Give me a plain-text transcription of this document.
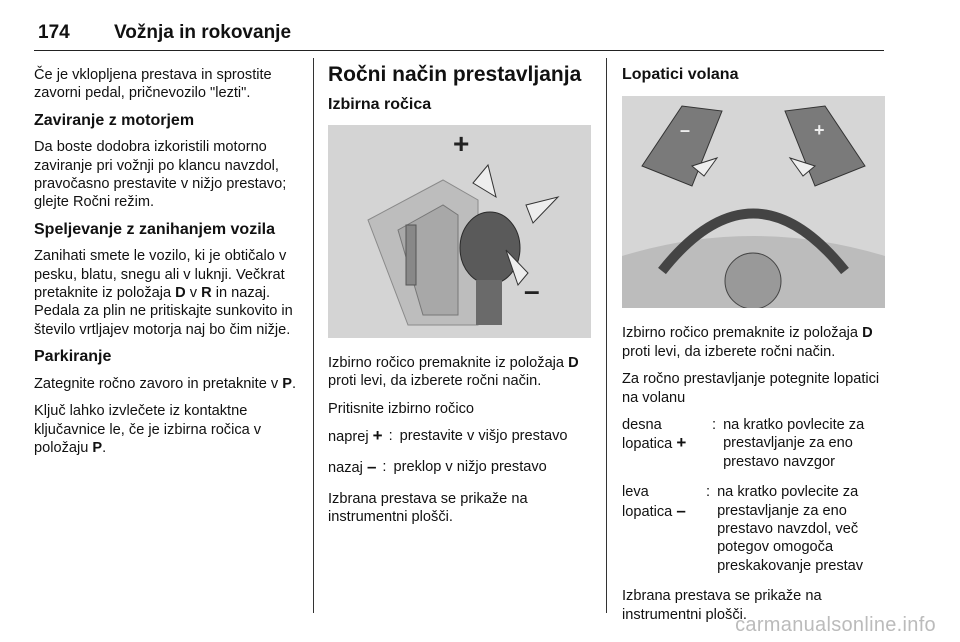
174 Vožnja in rokovanje

Če je vklopljena prestava in sprostite zavorni pedal, pričnevozilo "lezti".

Zaviranje z motorjem

Da boste dodobra izkoristili motorno zaviranje pri vožnji po klancu navzdol, pravočasno prestavite v nižjo prestavo; glejte Ročni režim.

Speljevanje z zanihanjem vozila

Zanihati smete le vozilo, ki je obtičalo v pesku, blatu, snegu ali v luknji. Večkrat pretaknite iz položaja D v R in nazaj. Pedala za plin ne pritiskajte sunkovito in število vrtljajev motorja naj bo čim nižje.

Parkiranje

Zategnite ročno zavoro in pretaknite v P.

Ključ lahko izvlečete iz kontaktne ključavnice le, če je izbirna ročica v položaju P.

Ročni način prestavljanja
Izbirna ročica
+
–

Izbirno ročico premaknite iz položaja D proti levi, da izberete ročni način.

Pritisnite izbirno ročico

naprej + : prestavite v višjo prestavo
nazaj – : preklop v nižjo prestavo

Izbrana prestava se prikaže na instrumentni plošči.

Lopatici volana
–	+

Izbirno ročico premaknite iz položaja D proti levi, da izberete ročni način.

Za ročno prestavljanje potegnite lopatici na volanu

desna lopatica +
: na kratko povlecite za prestavljanje za eno prestavo navzgor
leva lopatica –
: na kratko povlecite za prestavljanje za eno prestavo navzdol, več potegov omogoča preskakovanje prestav

Izbrana prestava se prikaže na instrumentni plošči.

carmanualsonline.info
